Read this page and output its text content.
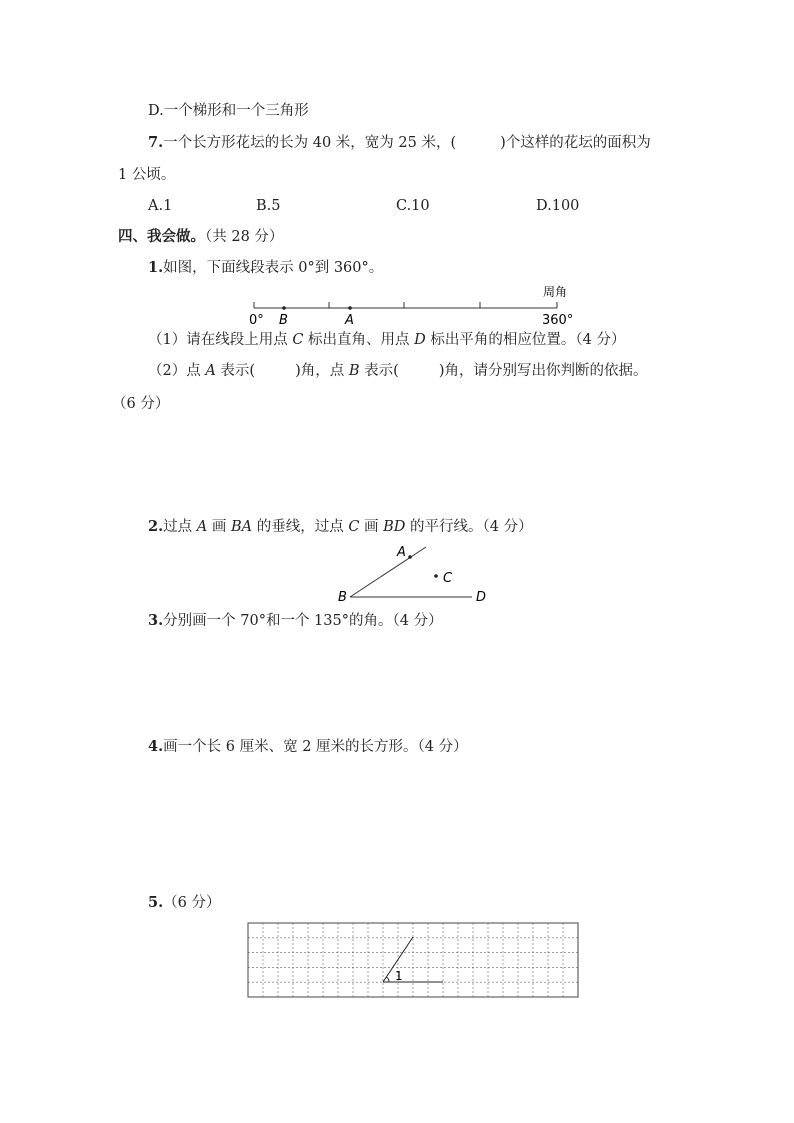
D.一个梯形和一个三角形
7.一个长方形花坛的长为 40 米，宽为 25 米，(	)个这样的花坛的面积为
1 公顷。
A.1	B.5	C.10	D.100
四、我会做。（共 28 分）
1.如图，下面线段表示 0°到 360°。
0° B	A	360°
周角
（1）请在线段上用点 C 标出直角、用点 D 标出平角的相应位置。（4 分）
（2）点 A 表示(	)角，点 B 表示(	)角，请分别写出你判断的依据。
（6 分）
2.过点 A 画 BA 的垂线，过点 C 画 BD 的平行线。（4 分）
A
B
C
D
3.分别画一个 70°和一个 135°的角。（4 分）
4.画一个长 6 厘米、宽 2 厘米的长方形。（4 分）
5.（6 分）
1
